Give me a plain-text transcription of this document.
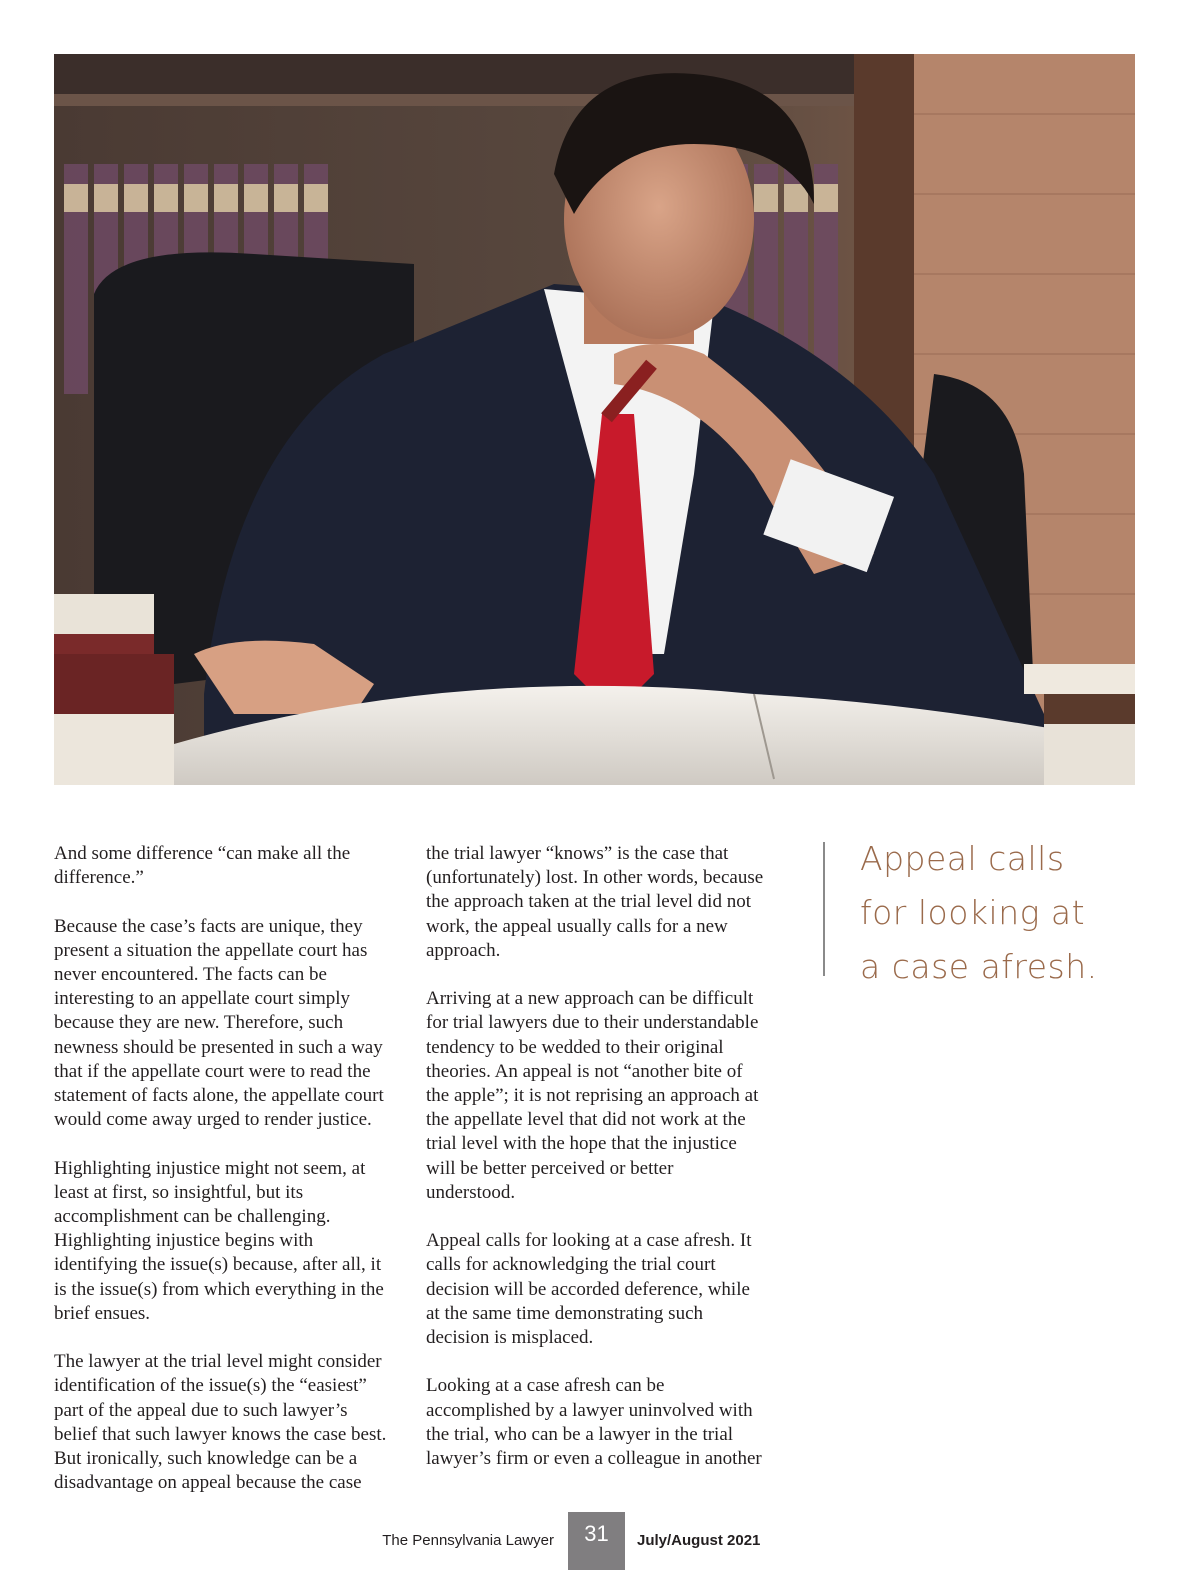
And some difference “can make all the difference.”

Because the case’s facts are unique, they present a situation the appellate court has never encountered. The facts can be interesting to an appellate court simply because they are new. Therefore, such newness should be presented in such a way that if the appellate court were to read the statement of facts alone, the appellate court would come away urged to render justice.

Highlighting injustice might not seem, at least at first, so insightful, but its accomplishment can be challenging. Highlighting injustice begins with identifying the issue(s) because, after all, it is the issue(s) from which everything in the brief ensues.

The lawyer at the trial level might consider identification of the issue(s) the “easiest” part of the appeal due to such lawyer’s belief that such lawyer knows the case best. But ironically, such knowledge can be a disadvantage on appeal because the case

the trial lawyer “knows” is the case that (unfortunately) lost. In other words, because the approach taken at the trial level did not work, the appeal usually calls for a new approach.

Arriving at a new approach can be difficult for trial lawyers due to their understandable tendency to be wedded to their original theories. An appeal is not “another bite of the apple”; it is not reprising an approach at the appellate level that did not work at the trial level with the hope that the injustice will be better perceived or better understood.

Appeal calls for looking at a case afresh. It calls for acknowledging the trial court decision will be accorded deference, while at the same time demonstrating such decision is misplaced.

Looking at a case afresh can be accomplished by a lawyer uninvolved with the trial, who can be a lawyer in the trial lawyer’s firm or even a colleague in another

Appeal calls
for looking at
a case afresh.
The Pennsylvania Lawyer	31	July/August 2021
